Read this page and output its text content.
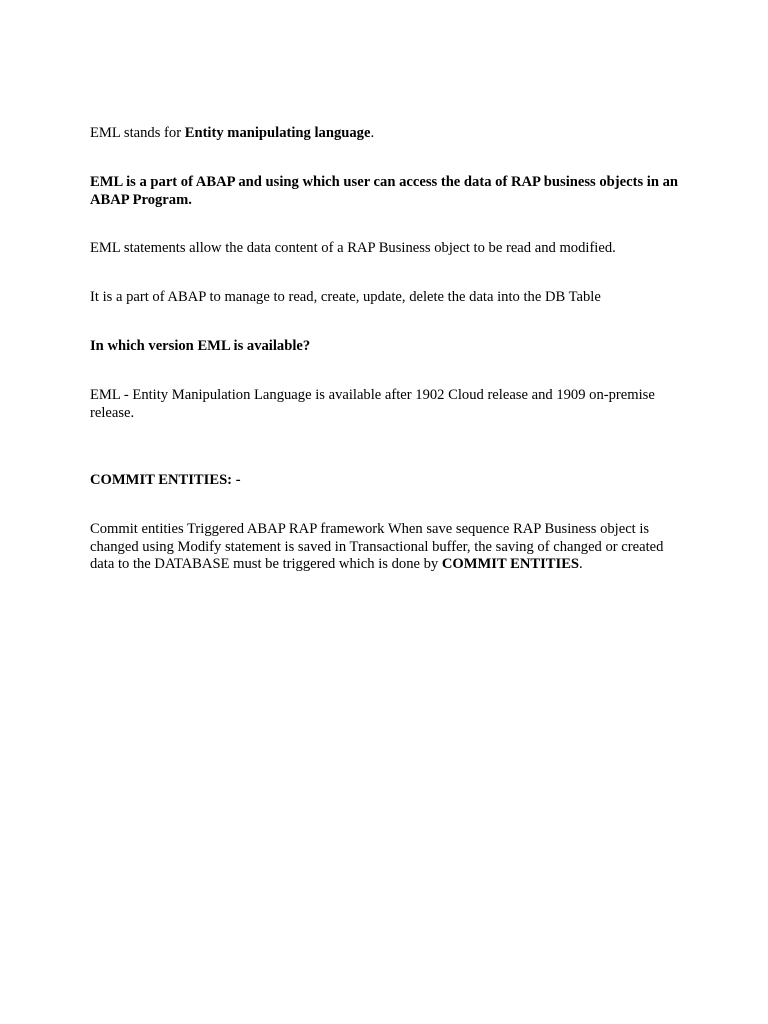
EML stands for Entity manipulating language.

EML is a part of ABAP and using which user can access the data of RAP business objects in an ABAP Program.

EML statements allow the data content of a RAP Business object to be read and modified.

It is a part of ABAP to manage to read, create, update, delete the data into the DB Table

In which version EML is available?

EML - Entity Manipulation Language is available after 1902 Cloud release and 1909 on-premise release.

COMMIT ENTITIES: -

Commit entities Triggered ABAP RAP framework When save sequence RAP Business object is changed using Modify statement is saved in Transactional buffer, the saving of changed or created data to the DATABASE must be triggered which is done by COMMIT ENTITIES.
